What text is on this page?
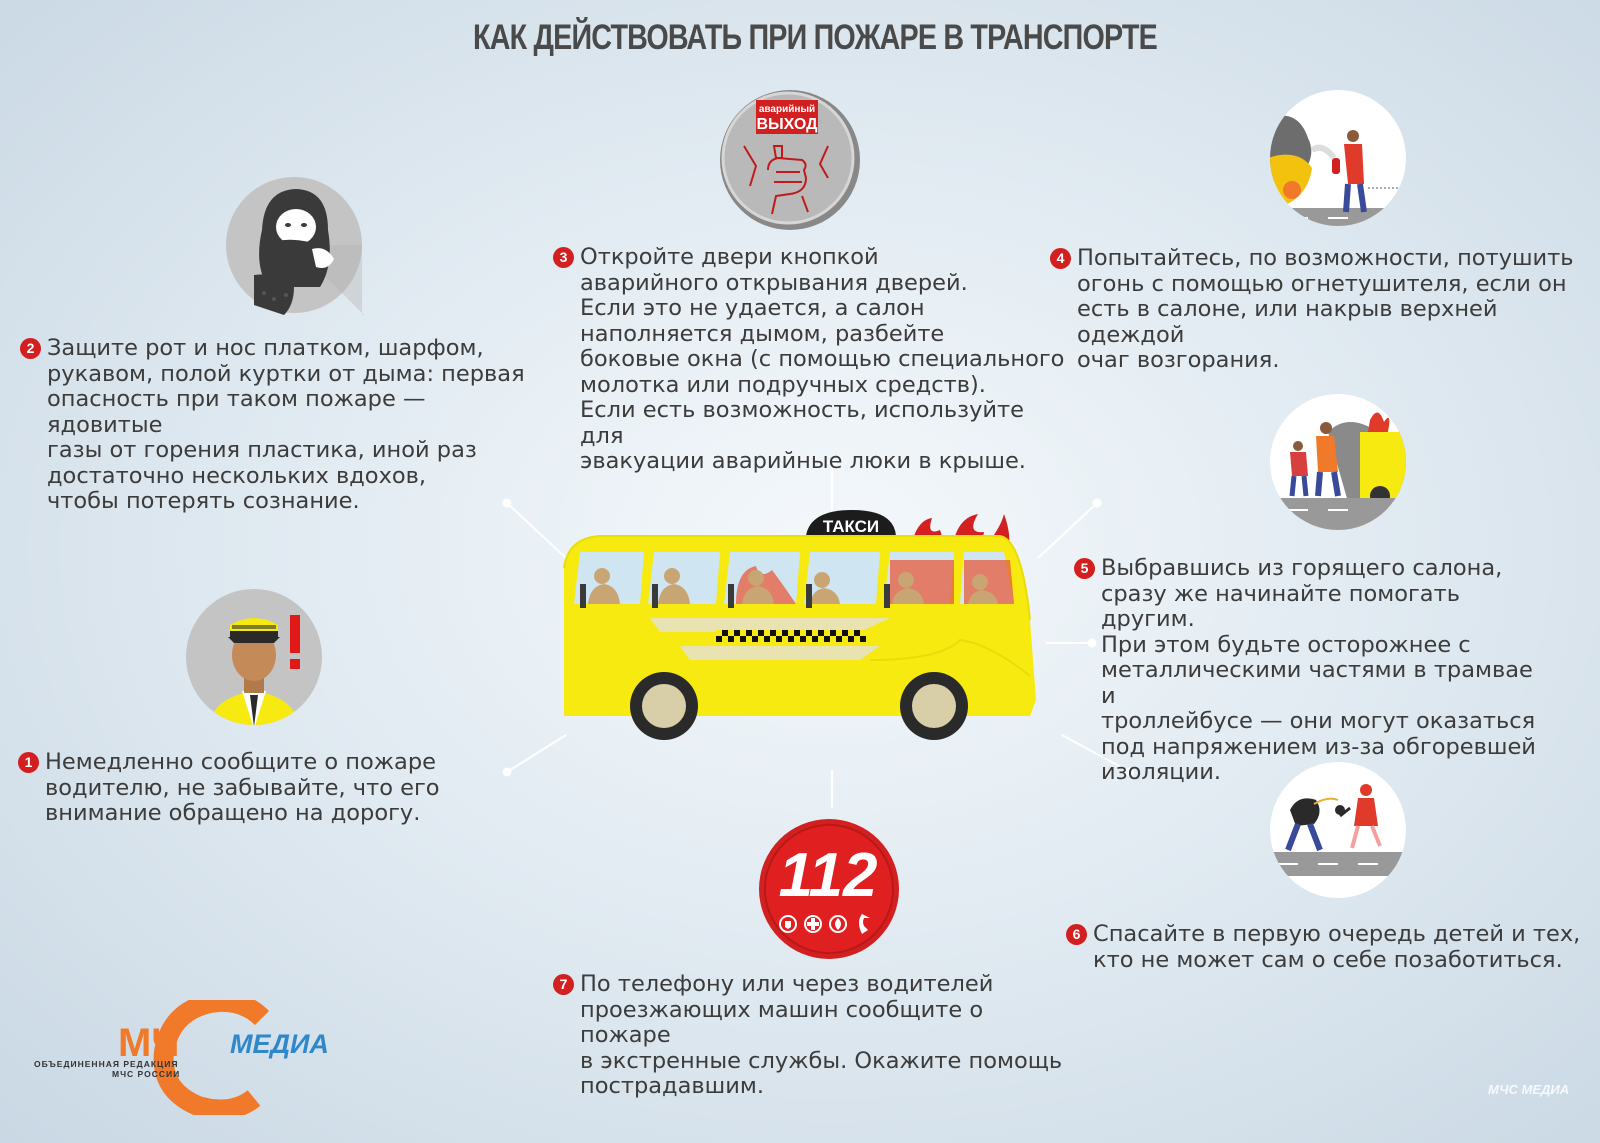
КАК ДЕЙСТВОВАТЬ ПРИ ПОЖАРЕ В ТРАНСПОРТЕ
аварийный
ВЫХОД
112
ТАКСИ
2 Защите рот и нос платком, шарфом,
рукавом, полой куртки от дыма: первая
опасность при таком пожаре — ядовитые
газы от горения пластика, иной раз
достаточно нескольких вдохов,
чтобы потерять сознание.
3 Откройте двери кнопкой
аварийного открывания дверей.
Если это не удается, а салон
наполняется дымом, разбейте
боковые окна (с помощью специального
молотка или подручных средств).
Если есть возможность, используйте для
эвакуации аварийные люки в крыше.
4 Попытайтесь, по возможности, потушить
огонь с помощью огнетушителя, если он
есть в салоне, или накрыв верхней одеждой
очаг возгорания.
1 Немедленно сообщите о пожаре
водителю, не забывайте, что его
внимание обращено на дорогу.
5 Выбравшись из горящего салона,
сразу же начинайте помогать другим.
При этом будьте осторожнее с
металлическими частями в трамвае и
троллейбусе — они могут оказаться
под напряжением из-за обгоревшей
изоляции.
6 Спасайте в первую очередь детей и тех,
кто не может сам о себе позаботиться.
7 По телефону или через водителей
проезжающих машин сообщите о пожаре
в экстренные службы. Окажите помощь
пострадавшим.
МЧ МЕДИА
ОБЪЕДИНЕННАЯ РЕДАКЦИЯ
МЧС РОССИИ
МЧС МЕДИА
